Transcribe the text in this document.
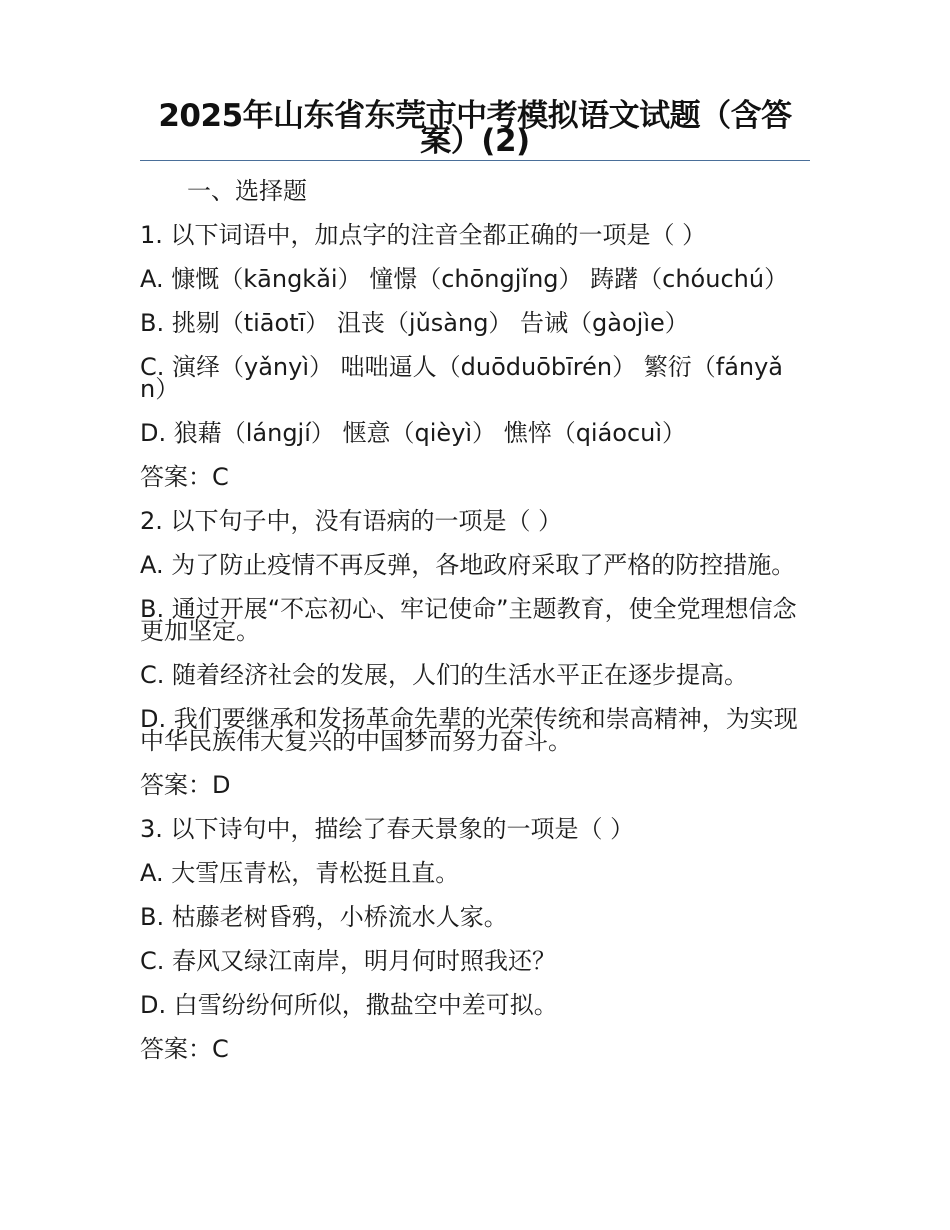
2025年山东省东莞市中考模拟语文试题（含答案）(2)

一、选择题

1. 以下词语中，加点字的注音全都正确的一项是（ ）

A. 慷慨（kāngkǎi） 憧憬（chōngjǐng） 踌躇（chóuchú）

B. 挑剔（tiāotī） 沮丧（jǔsàng） 告诫（gàojìe）

C. 演绎（yǎnyì） 咄咄逼人（duōduōbīrén） 繁衍（fányǎn）

D. 狼藉（lángjí） 惬意（qièyì） 憔悴（qiáocuì）

答案：C

2. 以下句子中，没有语病的一项是（ ）

A. 为了防止疫情不再反弹，各地政府采取了严格的防控措施。

B. 通过开展“不忘初心、牢记使命”主题教育，使全党理想信念更加坚定。

C. 随着经济社会的发展，人们的生活水平正在逐步提高。

D. 我们要继承和发扬革命先辈的光荣传统和崇高精神，为实现中华民族伟大复兴的中国梦而努力奋斗。

答案：D

3. 以下诗句中，描绘了春天景象的一项是（ ）

A. 大雪压青松，青松挺且直。

B. 枯藤老树昏鸦，小桥流水人家。

C. 春风又绿江南岸，明月何时照我还？

D. 白雪纷纷何所似，撒盐空中差可拟。

答案：C
